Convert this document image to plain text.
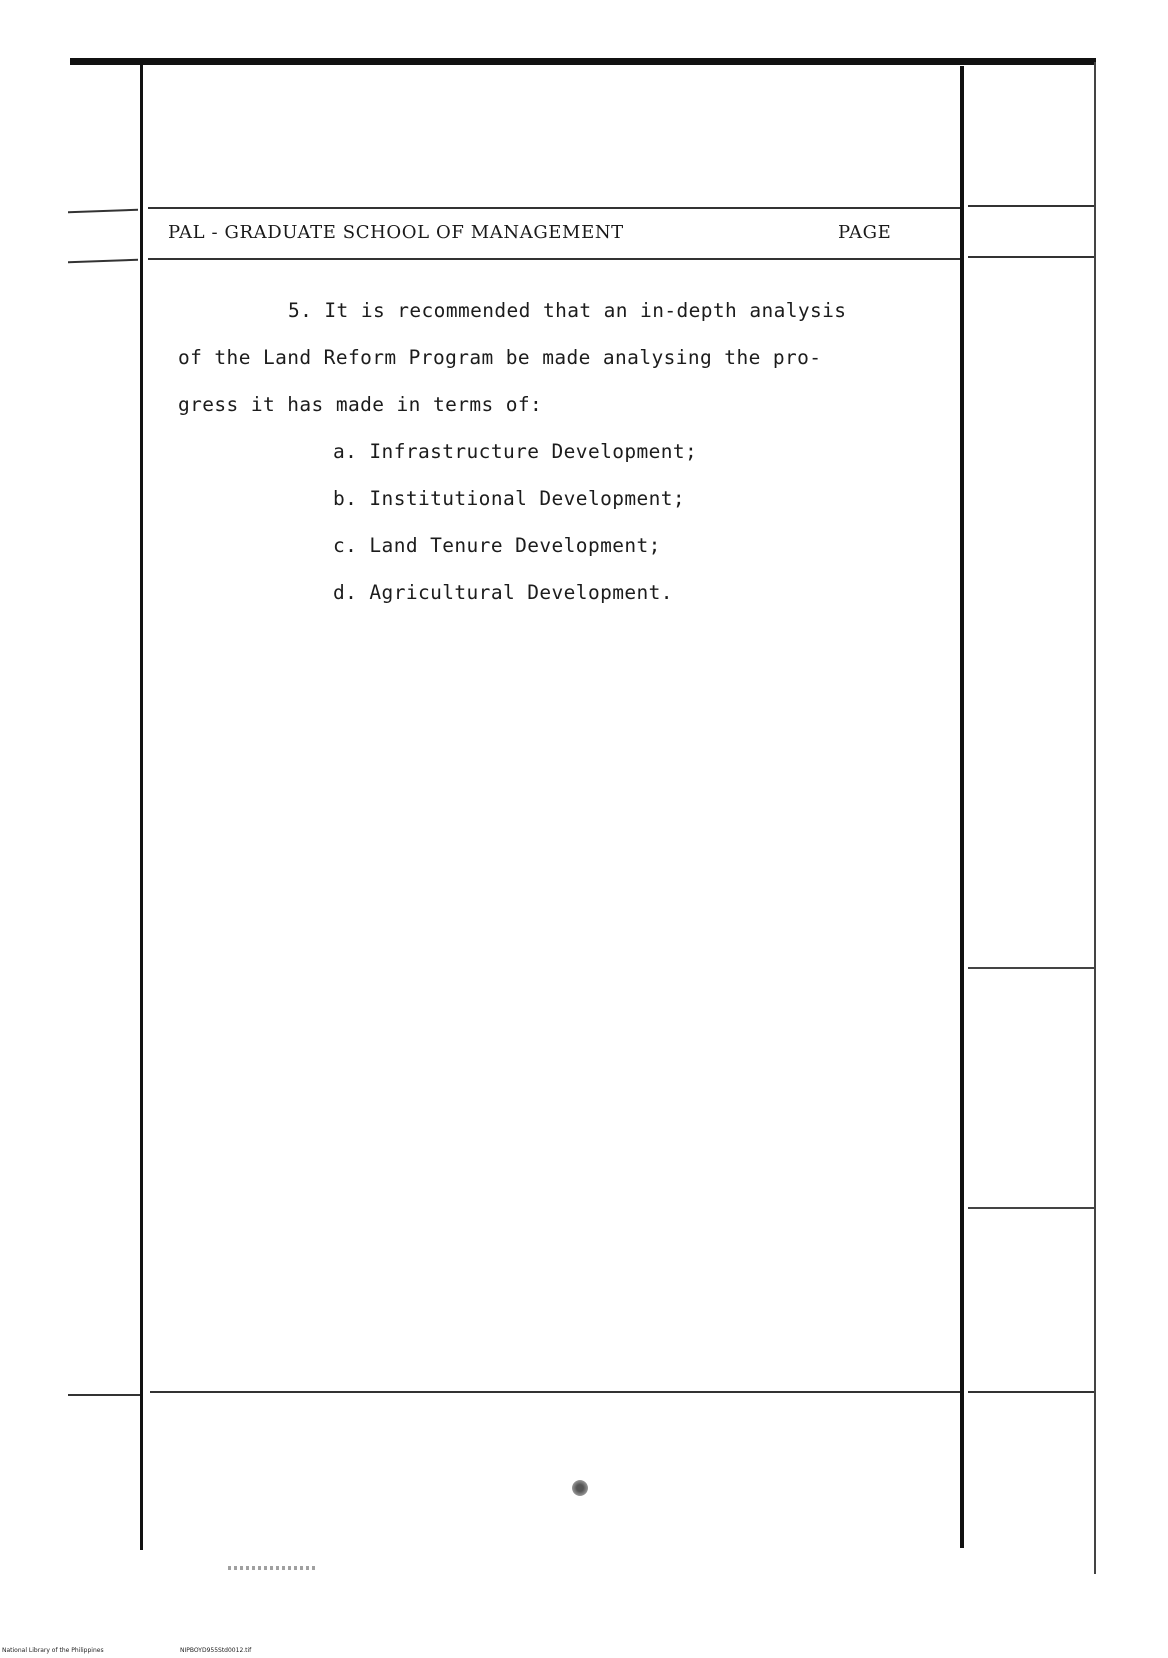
PAL - GRADUATE SCHOOL OF MANAGEMENT	PAGE
5. It is recommended that an in-depth analysis
of the Land Reform Program be made analysing the pro-
gress it has made in terms of:
a. Infrastructure Development;
b. Institutional Development;
c. Land Tenure Development;
d. Agricultural Development.
National Library of the Philippines	NIPBOYD955Std0012.tif
